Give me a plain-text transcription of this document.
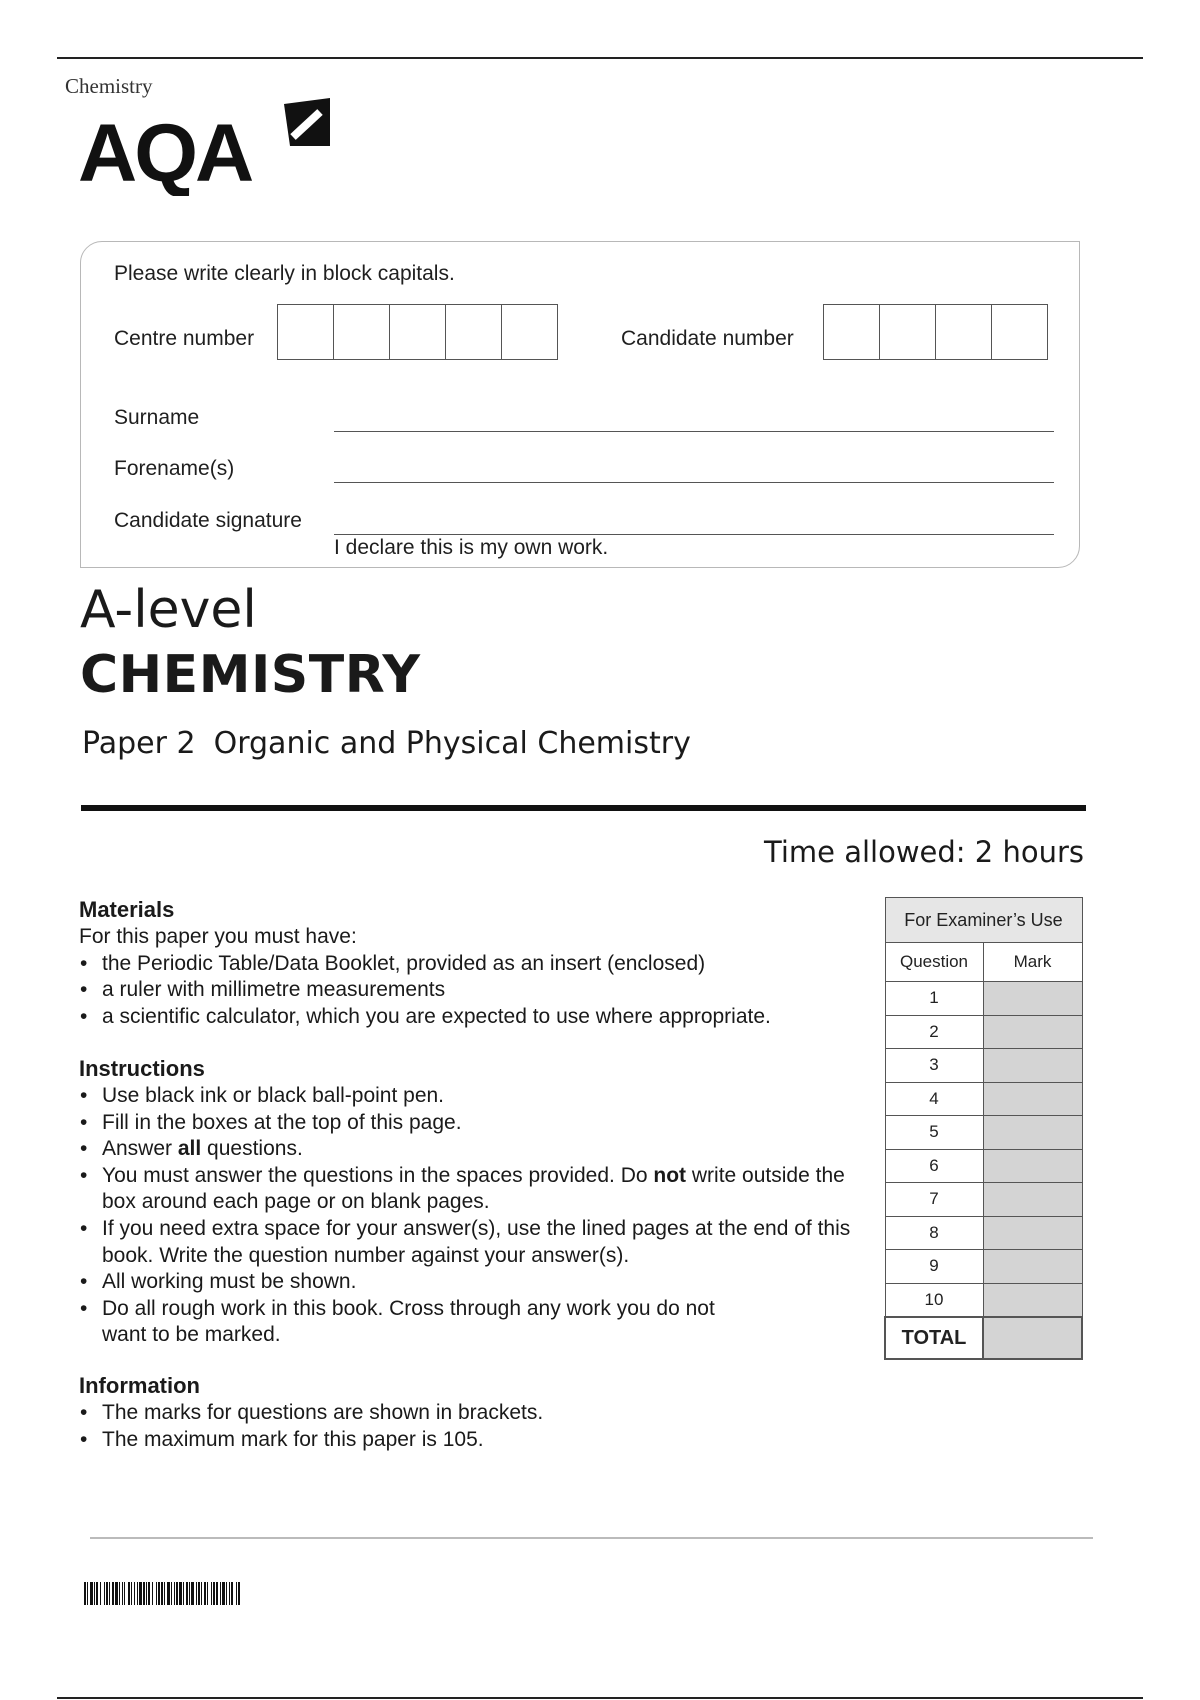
Chemistry
AQA
Please write clearly in block capitals.
Centre number	Candidate number
Surname
Forename(s)
Candidate signature
I declare this is my own work.
A-level
CHEMISTRY
Paper 2 Organic and Physical Chemistry
Time allowed: 2 hours
Materials

For this paper you must have:

• the Periodic Table/Data Booklet, provided as an insert (enclosed)
• a ruler with millimetre measurements
• a scientific calculator, which you are expected to use where appropriate.
Instructions
• Use black ink or black ball-point pen.
• Fill in the boxes at the top of this page.
• Answer all questions.
• You must answer the questions in the spaces provided. Do not write outside the box around each page or on blank pages.
• If you need extra space for your answer(s), use the lined pages at the end of this book. Write the question number against your answer(s).
• All working must be shown.
• Do all rough work in this book. Cross through any work you do not
want to be marked.
Information
• The marks for questions are shown in brackets.
• The maximum mark for this paper is 105.
For Examiner’s Use	
Question	Mark
1	
2	
3	
4	
5	
6	
7	
8	
9	
10	
TOTAL	
